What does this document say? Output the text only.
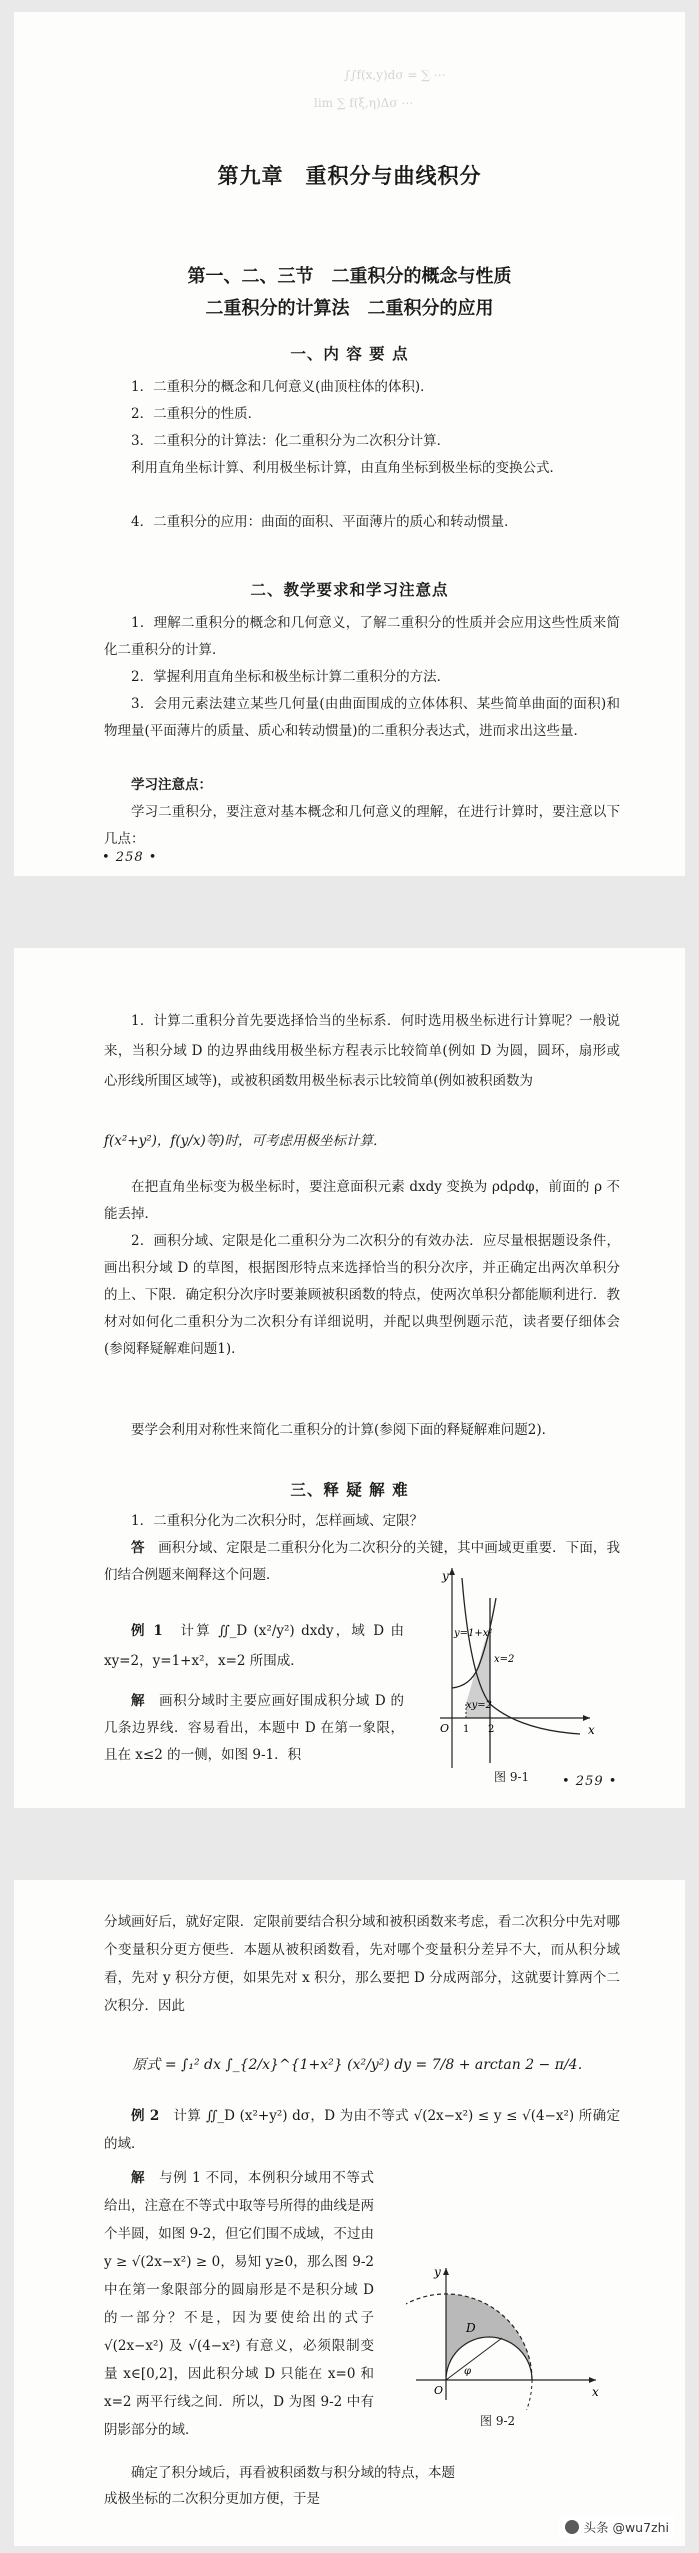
∫∫f(x,y)dσ = ∑ ⋯
lim ∑ f(ξ,η)Δσ ⋯
第九章　重积分与曲线积分
第一、二、三节　二重积分的概念与性质
二重积分的计算法　二重积分的应用
一、内 容 要 点
1．二重积分的概念和几何意义(曲顶柱体的体积)．
2．二重积分的性质．
3．二重积分的计算法：化二重积分为二次积分计算．
利用直角坐标计算、利用极坐标计算，由直角坐标到极坐标的变换公式．
4．二重积分的应用：曲面的面积、平面薄片的质心和转动惯量．
二、教学要求和学习注意点
1．理解二重积分的概念和几何意义，了解二重积分的性质并会应用这些性质来简化二重积分的计算．
2．掌握利用直角坐标和极坐标计算二重积分的方法．
3．会用元素法建立某些几何量(由曲面围成的立体体积、某些简单曲面的面积)和物理量(平面薄片的质量、质心和转动惯量)的二重积分表达式，进而求出这些量．
学习注意点：
学习二重积分，要注意对基本概念和几何意义的理解，在进行计算时，要注意以下几点：
• 258 •
1．计算二重积分首先要选择恰当的坐标系．何时选用极坐标进行计算呢？一般说来，当积分域 D 的边界曲线用极坐标方程表示比较简单(例如 D 为圆，圆环，扇形或心形线所围区域等)，或被积函数用极坐标表示比较简单(例如被积函数为
f(x²+y²)，f(y/x)等)时，可考虑用极坐标计算．
在把直角坐标变为极坐标时，要注意面积元素 dxdy 变换为 ρdρdφ，前面的 ρ 不能丢掉．
2．画积分域、定限是化二重积分为二次积分的有效办法．应尽量根据题设条件，画出积分域 D 的草图，根据图形特点来选择恰当的积分次序，并正确定出两次单积分的上、下限．确定积分次序时要兼顾被积函数的特点，使两次单积分都能顺利进行．教材对如何化二重积分为二次积分有详细说明，并配以典型例题示范，读者要仔细体会(参阅释疑解难问题1)．
要学会利用对称性来简化二重积分的计算(参阅下面的释疑解难问题2)．
三、释 疑 解 难
1．二重积分化为二次积分时，怎样画域、定限？
答　 画积分域、定限是二重积分化为二次积分的关键，其中画域更重要．下面，我们结合例题来阐释这个问题．
例 1　 计算 ∬_D (x²/y²) dxdy，域 D 由 xy=2，y=1+x²，x=2 所围成．
解　 画积分域时主要应画好围成积分域 D 的几条边界线．容易看出，本题中 D 在第一象限，且在 x≤2 的一侧，如图 9-1．积
y
x
O
y=1+x²
x=2
xy=2
1 2
图 9-1	• 259 •
分域画好后，就好定限．定限前要结合积分域和被积函数来考虑，看二次积分中先对哪个变量积分更方便些．本题从被积函数看，先对哪个变量积分差异不大，而从积分域看，先对 y 积分方便，如果先对 x 积分，那么要把 D 分成两部分，这就要计算两个二次积分．因此
原式 = ∫₁² dx ∫_{2/x}^{1+x²} (x²/y²) dy = 7/8 + arctan 2 − π/4．
例 2　 计算 ∬_D (x²+y²) dσ，D 为由不等式 √(2x−x²) ≤ y ≤ √(4−x²) 所确定的域．
解　 与例 1 不同，本例积分域用不等式给出，注意在不等式中取等号所得的曲线是两个半圆，如图 9-2，但它们围不成域，不过由 y ≥ √(2x−x²) ≥ 0，易知 y≥0，那么图 9-2 中在第一象限部分的圆扇形是不是积分域 D 的一部分？不是，因为要使给出的式子 √(2x−x²) 及 √(4−x²) 有意义，必须限制变量 x∈[0,2]，因此积分域 D 只能在 x=0 和 x=2 两平行线之间．所以，D 为图 9-2 中有阴影部分的域．
y
x
O
D
φ
图 9-2
确定了积分域后，再看被积函数与积分域的特点，本题
成极坐标的二次积分更加方便，于是
头条 @wu7zhi
